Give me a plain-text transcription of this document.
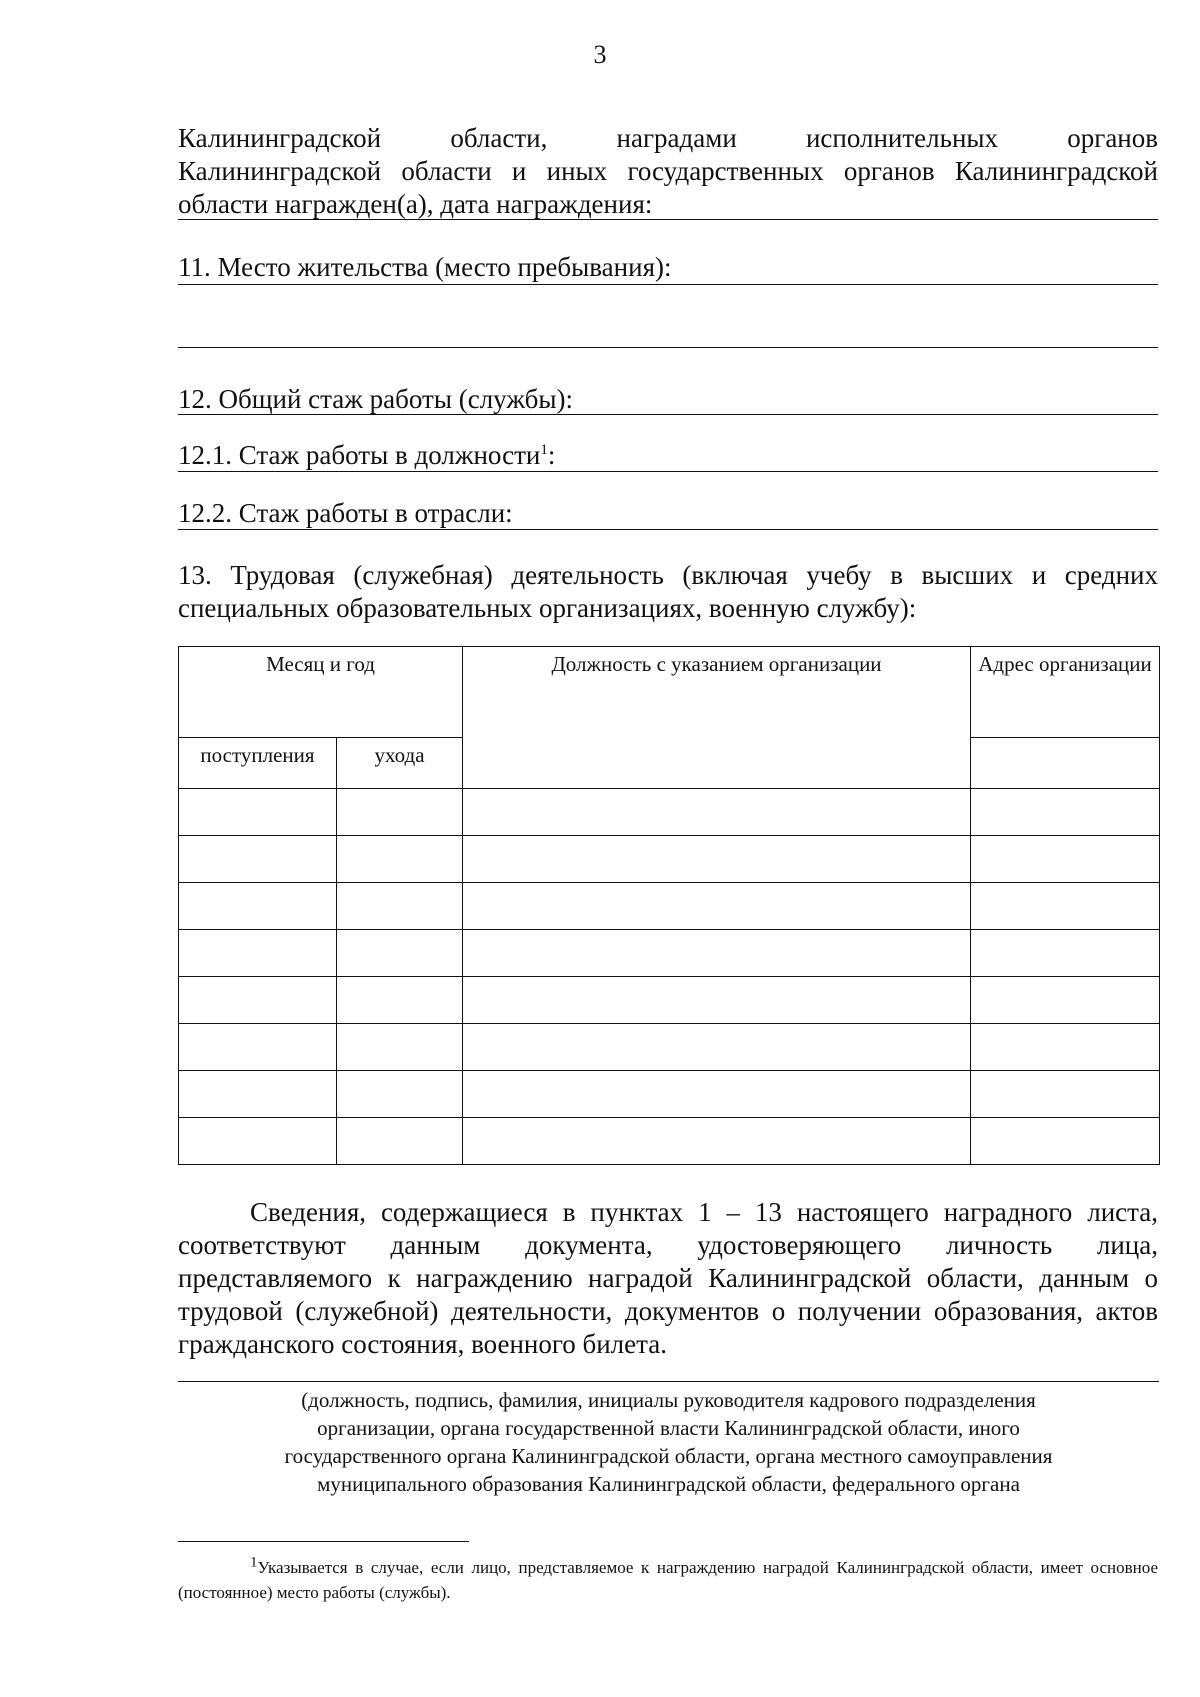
3
Калининградской области, наградами исполнительных органов
Калининградской области и иных государственных органов Калининградской
области награжден(а), дата награждения:
11. Место жительства (место пребывания):
12. Общий стаж работы (службы):
12.1. Стаж работы в должности$^1$:
12.2. Стаж работы в отрасли:
13. Трудовая (служебная) деятельность (включая учебу в высших и средних специальных образовательных организациях, военную службу):
Месяц и год		Должность с указанием организации	Адрес организации
поступления	ухода		

Сведения, содержащиеся в пунктах 1 – 13 настоящего наградного листа, соответствуют данным документа, удостоверяющего личность лица, представляемого к награждению наградой Калининградской области, данным о трудовой (служебной) деятельности, документов о получении образования, актов гражданского состояния, военного билета.
(должность, подпись, фамилия, инициалы руководителя кадрового подразделения
организации, органа государственной власти Калининградской области, иного
государственного органа Калининградской области, органа местного самоуправления
муниципального образования Калининградской области, федерального органа
$^1$Указывается в случае, если лицо, представляемое к награждению наградой Калининградской области, имеет основное (постоянное) место работы (службы).
